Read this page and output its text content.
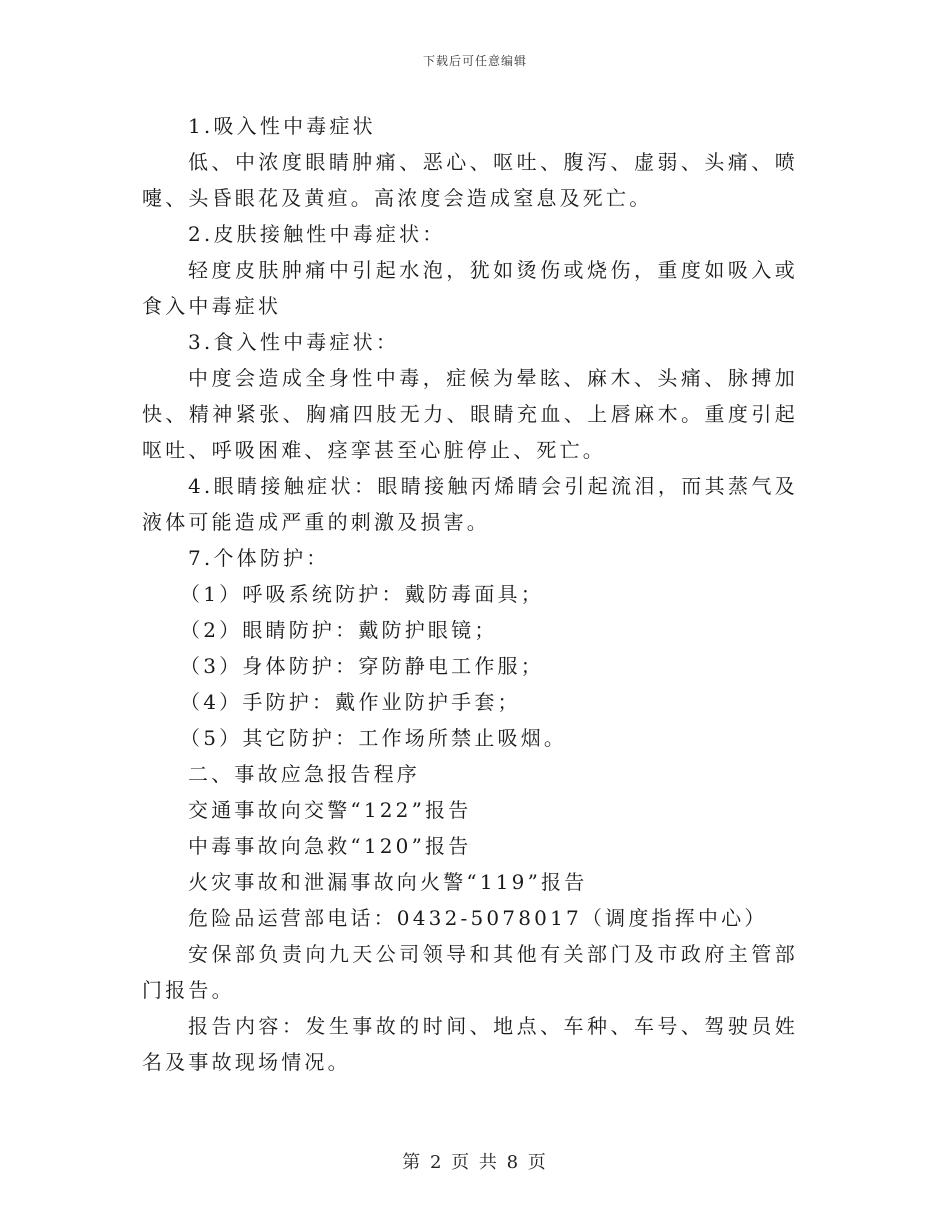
下载后可任意编辑

1.吸入性中毒症状

低、中浓度眼睛肿痛、恶心、呕吐、腹泻、虚弱、头痛、喷嚏、头昏眼花及黄疸。高浓度会造成窒息及死亡。

2.皮肤接触性中毒症状：

轻度皮肤肿痛中引起水泡，犹如烫伤或烧伤，重度如吸入或食入中毒症状

3.食入性中毒症状：

中度会造成全身性中毒，症候为晕眩、麻木、头痛、脉搏加快、精神紧张、胸痛四肢无力、眼睛充血、上唇麻木。重度引起呕吐、呼吸困难、痉挛甚至心脏停止、死亡。

4.眼睛接触症状：眼睛接触丙烯睛会引起流泪，而其蒸气及液体可能造成严重的刺激及损害。

7.个体防护：

（1）呼吸系统防护：戴防毒面具；

（2）眼睛防护：戴防护眼镜；

（3）身体防护：穿防静电工作服；

（4）手防护：戴作业防护手套；

（5）其它防护：工作场所禁止吸烟。

二、事故应急报告程序

交通事故向交警“122”报告

中毒事故向急救“120”报告

火灾事故和泄漏事故向火警“119”报告

危险品运营部电话：0432-5078017（调度指挥中心）

安保部负责向九天公司领导和其他有关部门及市政府主管部门报告。

报告内容：发生事故的时间、地点、车种、车号、驾驶员姓名及事故现场情况。

第 2 页 共 8 页
